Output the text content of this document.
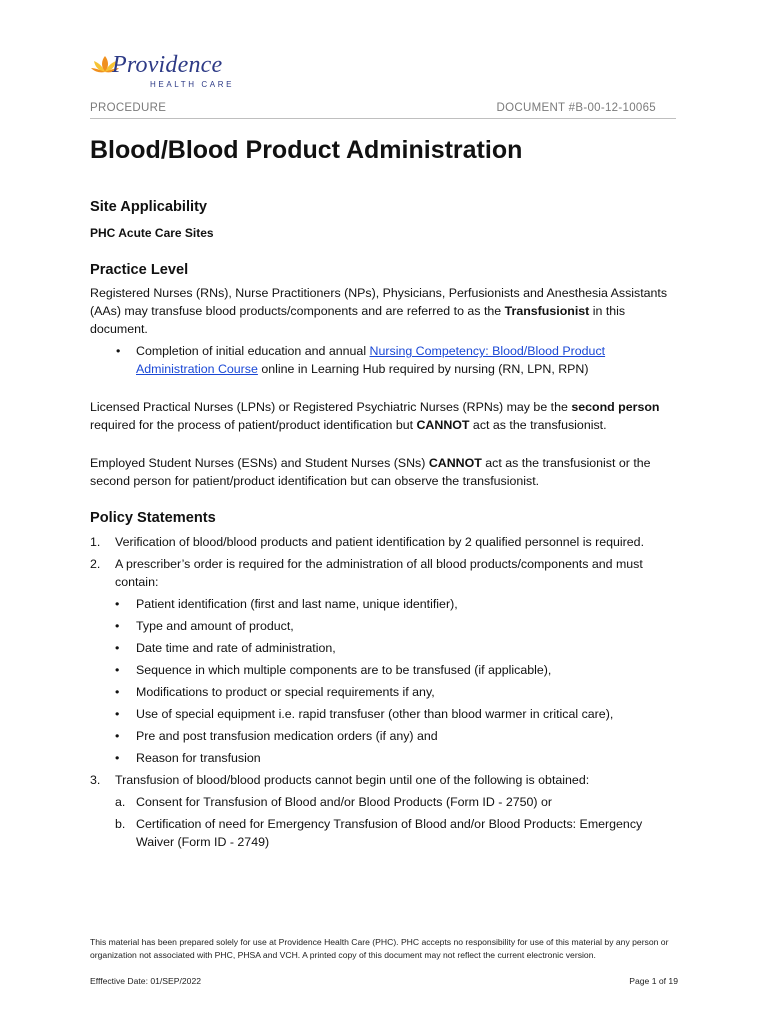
Providence
HEALTH CARE
PROCEDURE	DOCUMENT #B-00-12-10065
Blood/Blood Product Administration
Site Applicability

PHC Acute Care Sites

Practice Level

Registered Nurses (RNs), Nurse Practitioners (NPs), Physicians, Perfusionists and Anesthesia Assistants (AAs) may transfuse blood products/components and are referred to as the Transfusionist in this document.

• Completion of initial education and annual Nursing Competency: Blood/Blood Product Administration Course online in Learning Hub required by nursing (RN, LPN, RPN)

Licensed Practical Nurses (LPNs) or Registered Psychiatric Nurses (RPNs) may be the second person required for the process of patient/product identification but CANNOT act as the transfusionist.

Employed Student Nurses (ESNs) and Student Nurses (SNs) CANNOT act as the transfusionist or the second person for patient/product identification but can observe the transfusionist.

Policy Statements
1. Verification of blood/blood products and patient identification by 2 qualified personnel is required.
2. A prescriber’s order is required for the administration of all blood products/components and must contain:
• Patient identification (first and last name, unique identifier),
• Type and amount of product,
• Date time and rate of administration,
• Sequence in which multiple components are to be transfused (if applicable),
• Modifications to product or special requirements if any,
• Use of special equipment i.e. rapid transfuser (other than blood warmer in critical care),
• Pre and post transfusion medication orders (if any) and
• Reason for transfusion
3. Transfusion of blood/blood products cannot begin until one of the following is obtained:
a. Consent for Transfusion of Blood and/or Blood Products (Form ID - 2750) or
b. Certification of need for Emergency Transfusion of Blood and/or Blood Products: Emergency Waiver (Form ID - 2749)
This material has been prepared solely for use at Providence Health Care (PHC). PHC accepts no responsibility for use of this material by any person or organization not associated with PHC, PHSA and VCH. A printed copy of this document may not reflect the current electronic version.
Efffective Date: 01/SEP/2022	Page 1 of 19
